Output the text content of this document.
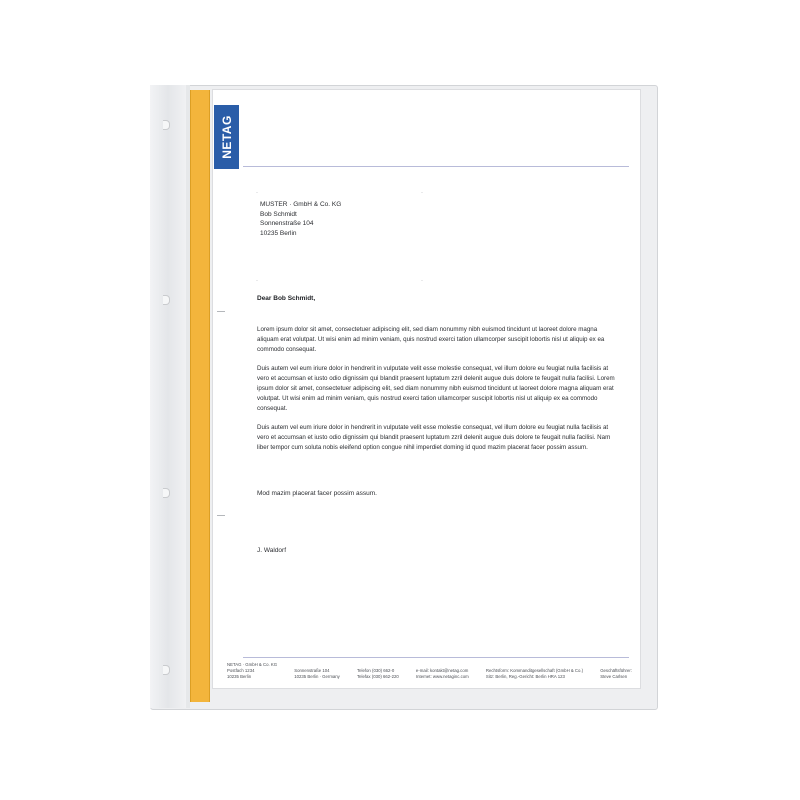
NETAG
·	·
·	·
MUSTER · GmbH & Co. KG
Bob Schmidt
Sonnenstraße 104
10235 Berlin
Dear Bob Schmidt,

Lorem ipsum dolor sit amet, consectetuer adipiscing elit, sed diam nonummy nibh euismod tincidunt ut laoreet dolore magna aliquam erat volutpat. Ut wisi enim ad minim veniam, quis nostrud exerci tation ullamcorper suscipit lobortis nisl ut aliquip ex ea commodo consequat.

Duis autem vel eum iriure dolor in hendrerit in vulputate velit esse molestie consequat, vel illum dolore eu feugiat nulla facilisis at vero et accumsan et iusto odio dignissim qui blandit praesent luptatum zzril delenit augue duis dolore te feugait nulla facilisi. Lorem ipsum dolor sit amet, consectetuer adipiscing elit, sed diam nonummy nibh euismod tincidunt ut laoreet dolore magna aliquam erat volutpat. Ut wisi enim ad minim veniam, quis nostrud exerci tation ullamcorper suscipit lobortis nisl ut aliquip ex ea commodo consequat.

Duis autem vel eum iriure dolor in hendrerit in vulputate velit esse molestie consequat, vel illum dolore eu feugiat nulla facilisis at vero et accumsan et iusto odio dignissim qui blandit praesent luptatum zzril delenit augue duis dolore te feugait nulla facilisi. Nam liber tempor cum soluta nobis eleifend option congue nihil imperdiet doming id quod mazim placerat facer possim assum.

Mod mazim placerat facer possim assum.
J. Waldorf
NETAG · GmbH & Co. KG
Postfach 1234
10235 Berlin

Sonnenstraße 104
10235 Berlin · Germany

Telefon (030) 662-0
Telefax (030) 662-220

e-mail: kontakt@netag.com
Internet: www.netaginc.com

Rechtsform: Kommanditgesellschaft (GmbH & Co.)
Sitz: Berlin, Reg.-Gericht: Berlin HRA 123

Geschäftsführer:
Steve Carlsen
